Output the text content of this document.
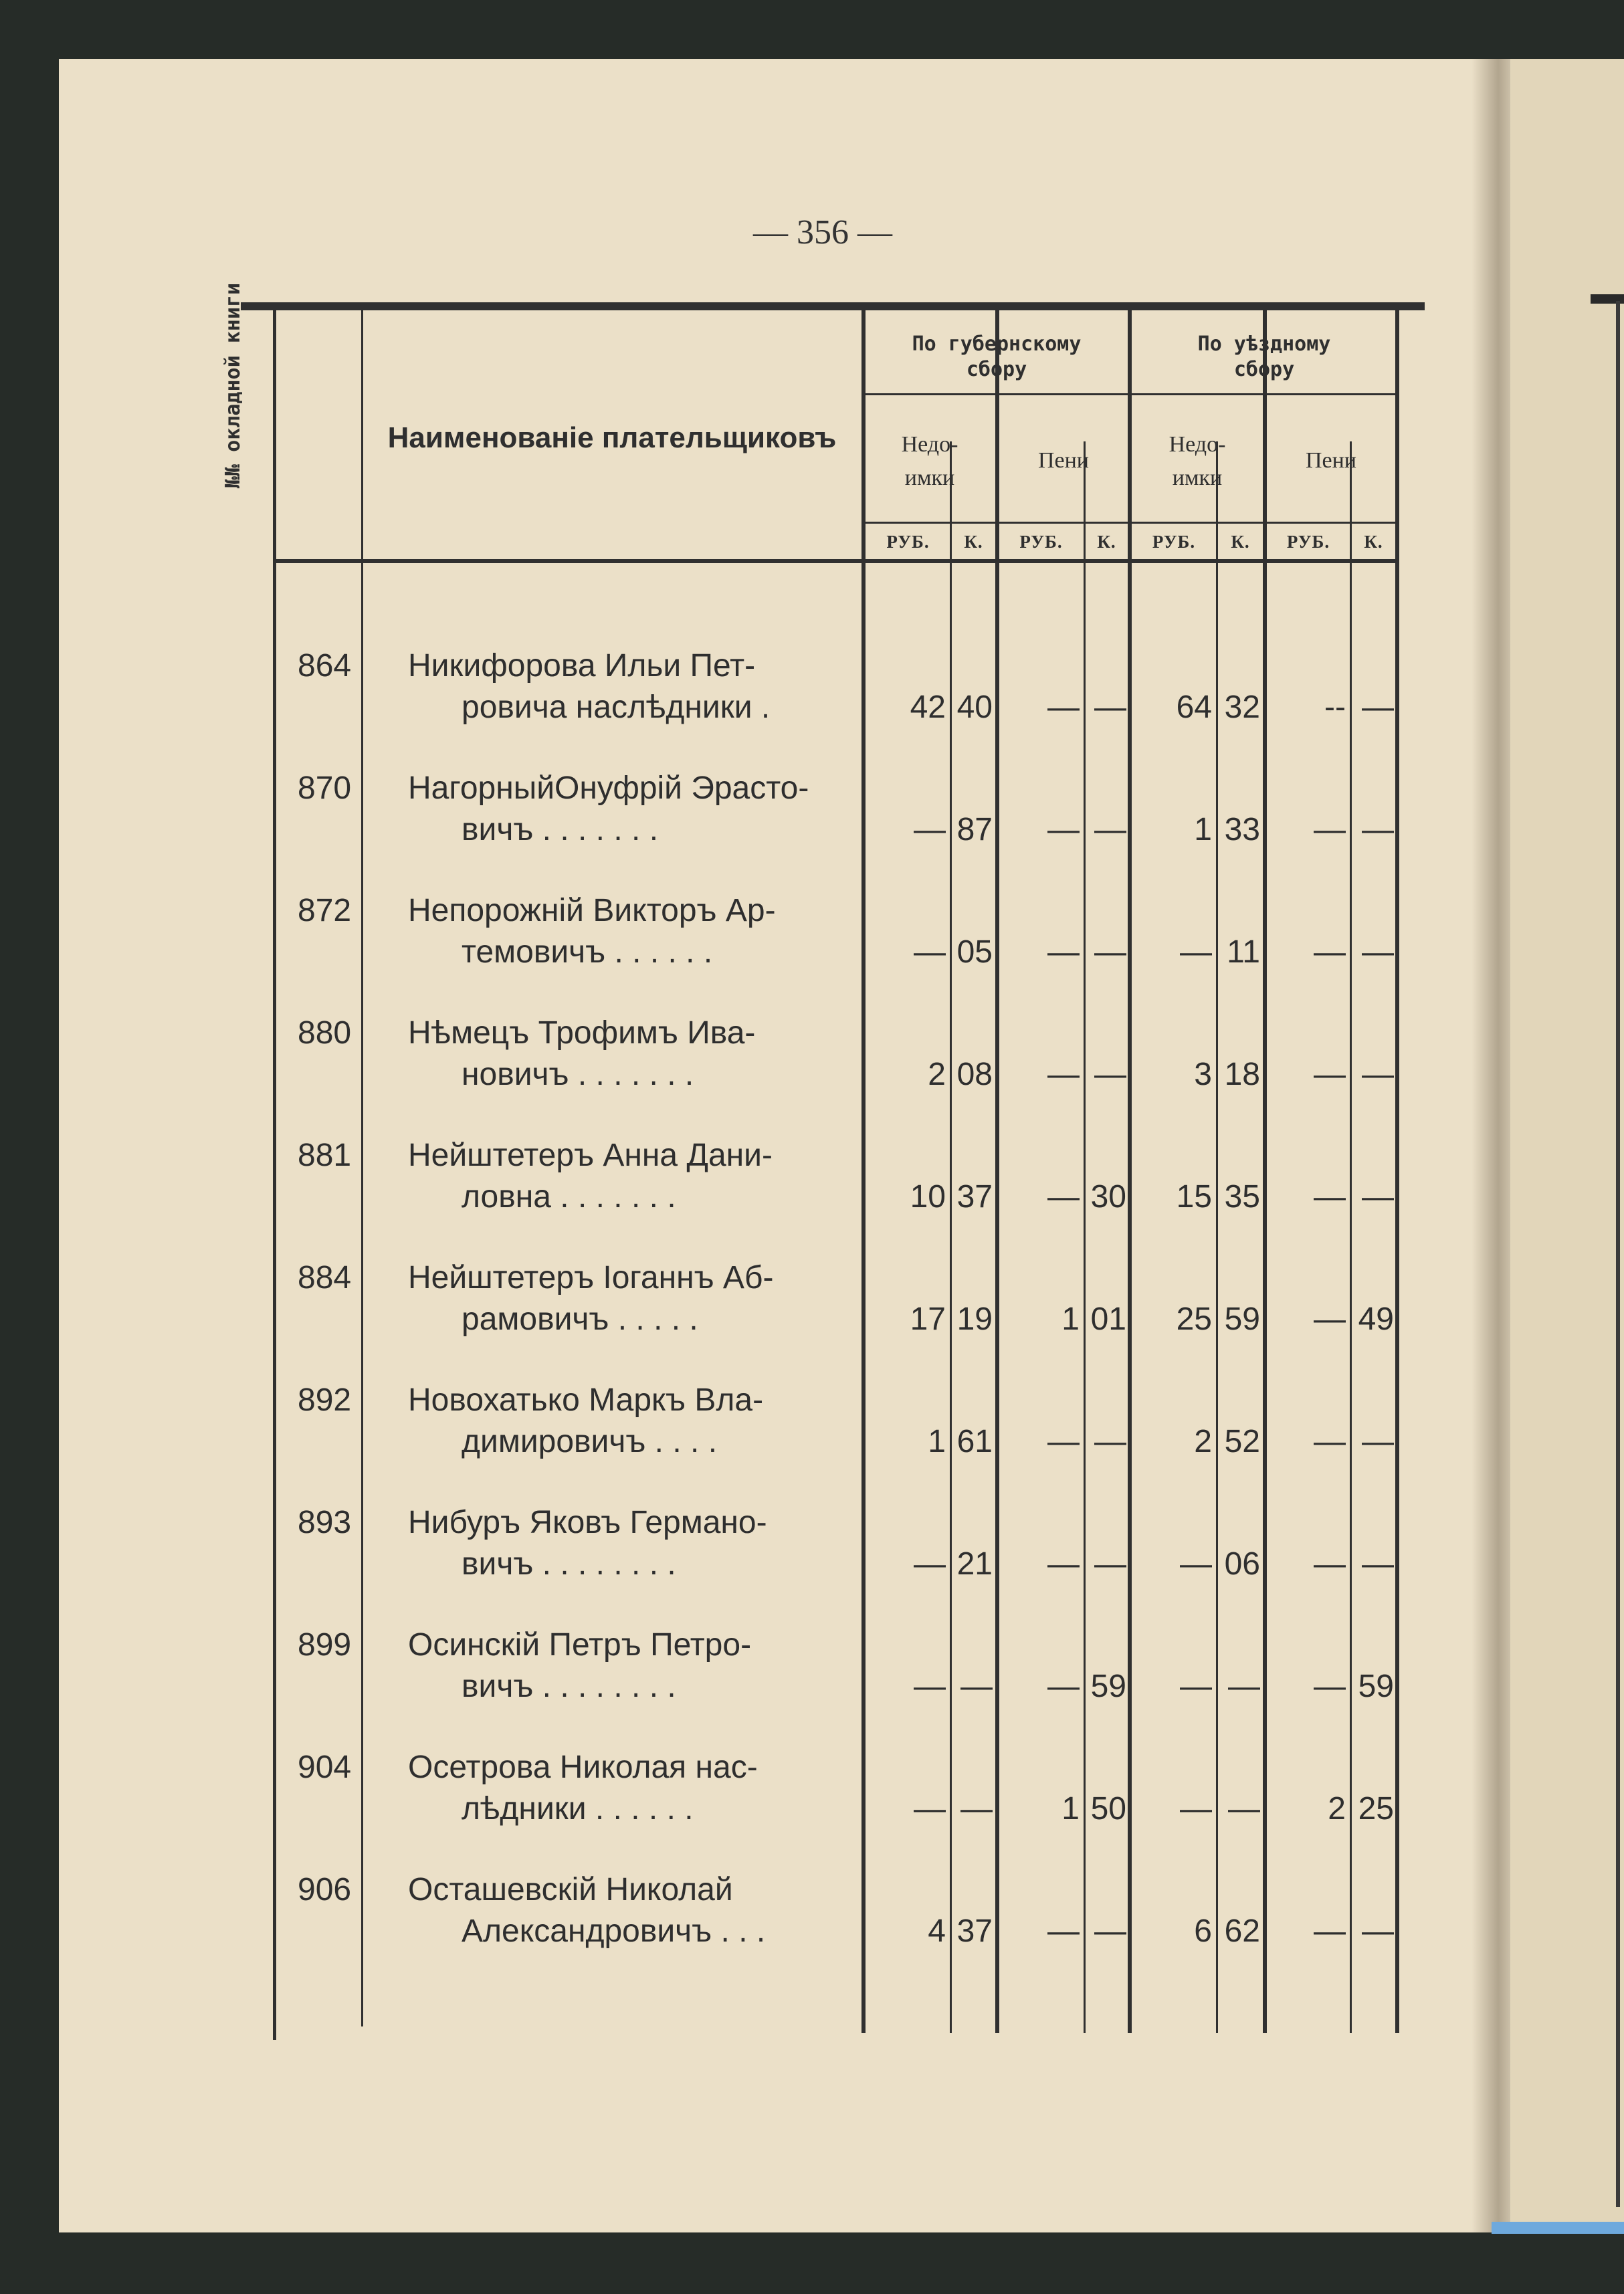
— 356 —
Наименованіе плательщиковъ
По губернскому
сбору
По уѣздному
сбору
Недо-
имки
Пени
Недо-
имки
Пени
РУБ.	К.	РУБ.	К.	РУБ.	К.	РУБ.	К.
864 Никифорова Ильи Пет-
ровича наслѣдники .	42 40	— —	64 32	-- —
870 НагорныйОнуфрій Эрасто-
вичъ . . . . . . .	— 87	— —	1 33	— —
872 Непорожній Викторъ Ар-
темовичъ . . . . . .	— 05	— —	— 11	— —
880 Нѣмецъ Трофимъ Ива-
новичъ . . . . . . .	2 08	— —	3 18	— —
881 Нейштетеръ Анна Дани-
ловна . . . . . . .	10 37	— 30	15 35	— —
884 Нейштетеръ Іоганнъ Аб-
рамовичъ . . . . .	17 19	1 01	25 59	— 49
892 Новохатько Маркъ Вла-
димировичъ . . . .	1 61	— —	2 52	— —
893 Нибуръ Яковъ Германо-
вичъ . . . . . . . .	— 21	— —	— 06	— —
899 Осинскій Петръ Петро-
вичъ . . . . . . . .	— —	— 59	— —	— 59
904 Осетрова Николая нас-
лѣдники . . . . . .	— —	1 50	— —	2 25
906 Осташевскій Николай
Александровичъ . . .	4 37	— —	6 62	— —
